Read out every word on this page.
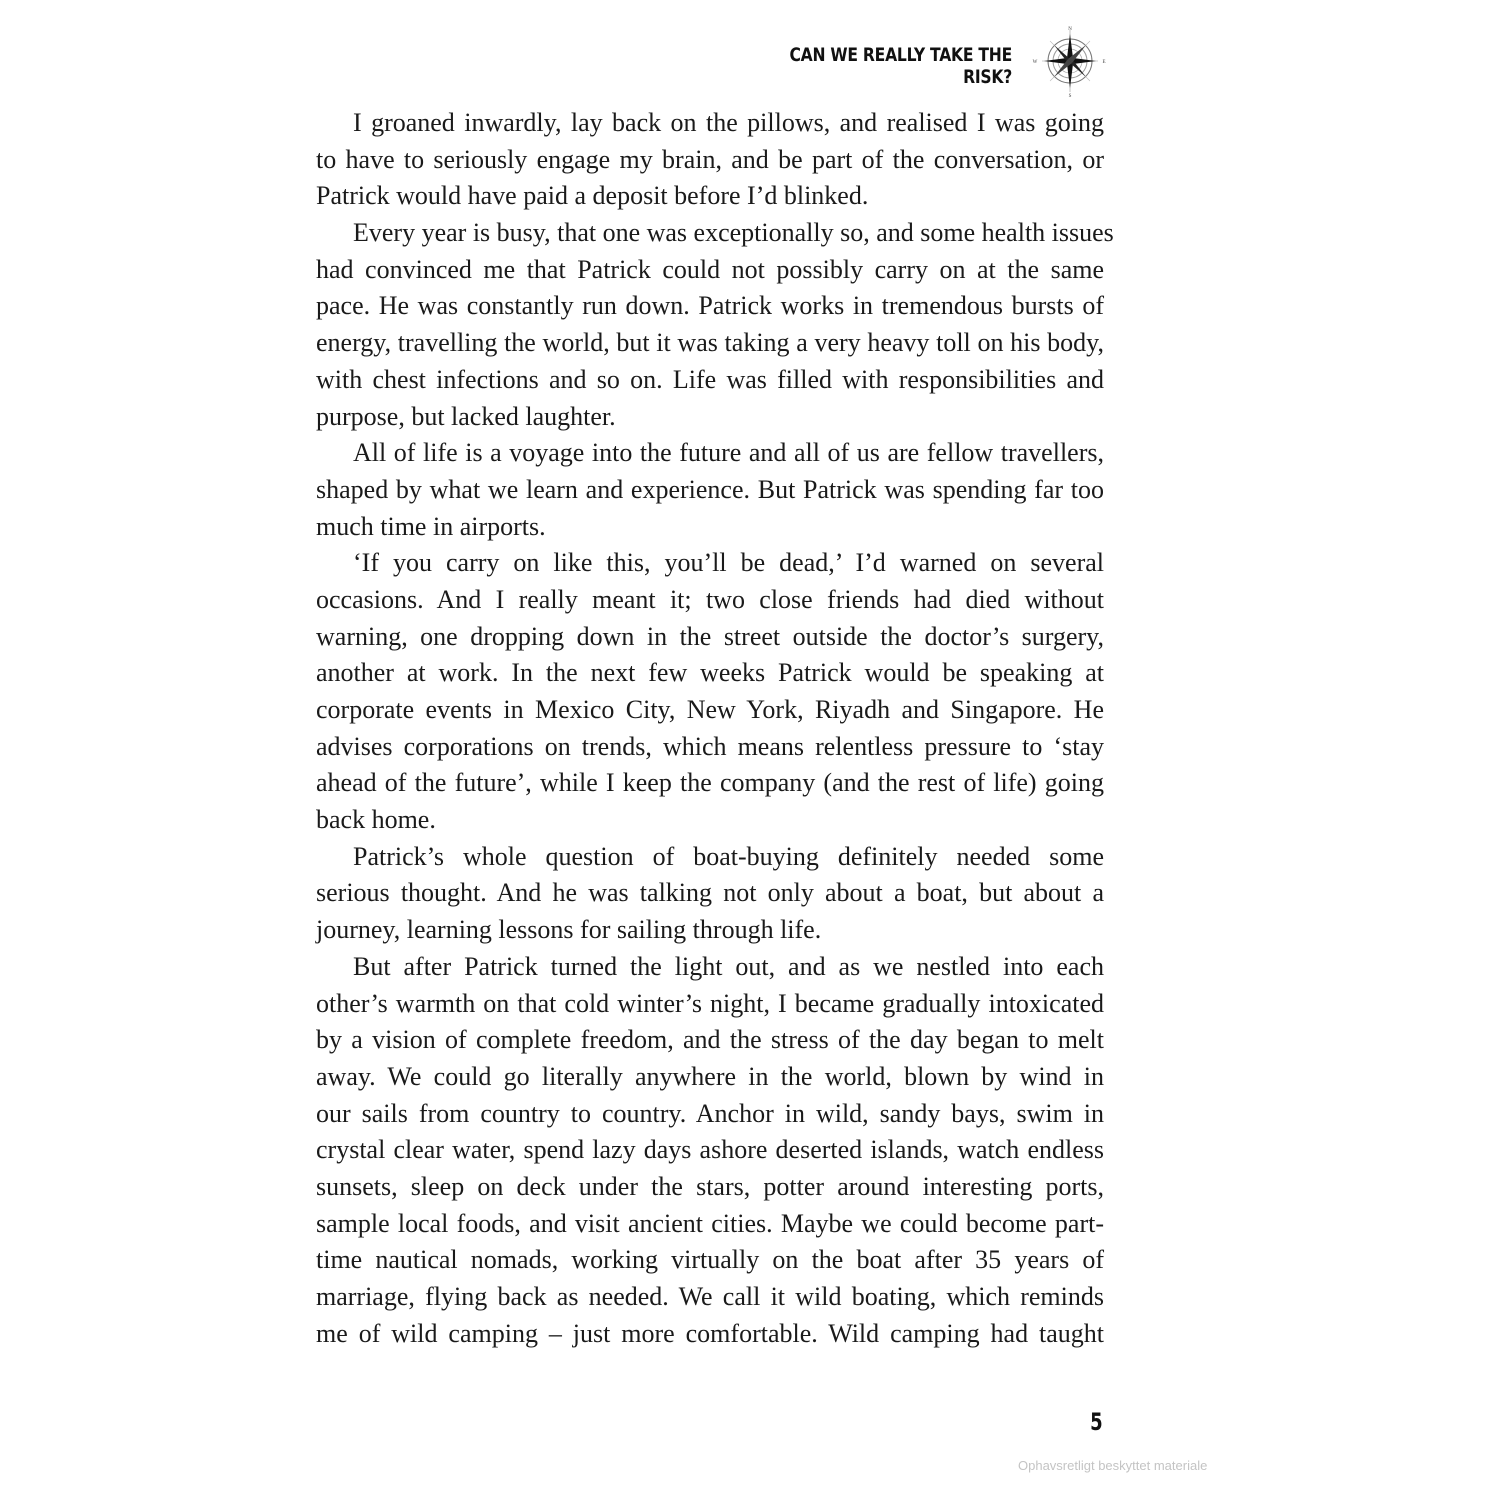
CAN WE REALLY TAKE THE RISK?
N
E
S
W
I groaned inwardly, lay back on the pillows, and realised I was going
to have to seriously engage my brain, and be part of the conversation, or
Patrick would have paid a deposit before I’d blinked.
Every year is busy, that one was exceptionally so, and some health issues
had convinced me that Patrick could not possibly carry on at the same
pace. He was constantly run down. Patrick works in tremendous bursts of
energy, travelling the world, but it was taking a very heavy toll on his body,
with chest infections and so on. Life was filled with responsibilities and
purpose, but lacked laughter.
All of life is a voyage into the future and all of us are fellow travellers,
shaped by what we learn and experience. But Patrick was spending far too
much time in airports.
‘If you carry on like this, you’ll be dead,’ I’d warned on several
occasions. And I really meant it; two close friends had died without
warning, one dropping down in the street outside the doctor’s surgery,
another at work. In the next few weeks Patrick would be speaking at
corporate events in Mexico City, New York, Riyadh and Singapore. He
advises corporations on trends, which means relentless pressure to ‘stay
ahead of the future’, while I keep the company (and the rest of life) going
back home.
Patrick’s whole question of boat-buying definitely needed some
serious thought. And he was talking not only about a boat, but about a
journey, learning lessons for sailing through life.
But after Patrick turned the light out, and as we nestled into each
other’s warmth on that cold winter’s night, I became gradually intoxicated
by a vision of complete freedom, and the stress of the day began to melt
away. We could go literally anywhere in the world, blown by wind in
our sails from country to country. Anchor in wild, sandy bays, swim in
crystal clear water, spend lazy days ashore deserted islands, watch endless
sunsets, sleep on deck under the stars, potter around interesting ports,
sample local foods, and visit ancient cities. Maybe we could become part-
time nautical nomads, working virtually on the boat after 35 years of
marriage, flying back as needed. We call it wild boating, which reminds
me of wild camping – just more comfortable. Wild camping had taught
5
Ophavsretligt beskyttet materiale
